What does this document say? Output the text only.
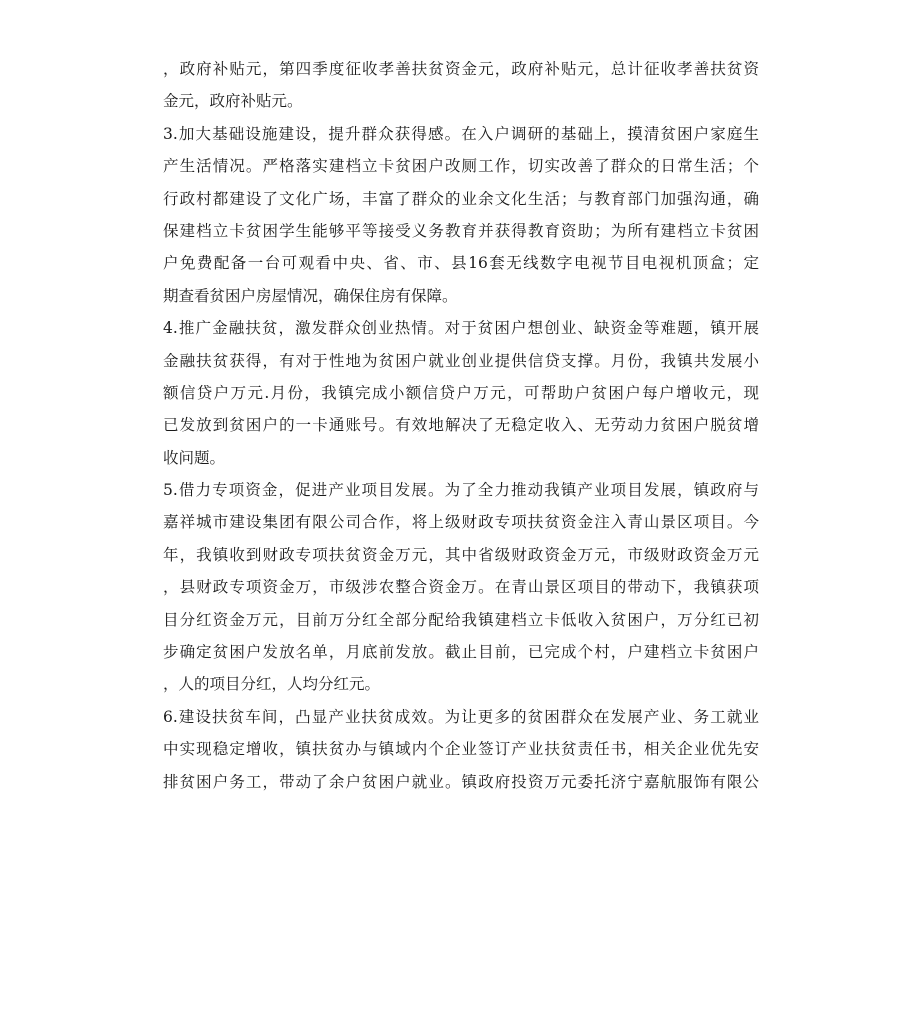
，政府补贴元，第四季度征收孝善扶贫资金元，政府补贴元，总计征收孝善扶贫资
金元，政府补贴元。
3.加大基础设施建设，提升群众获得感。在入户调研的基础上，摸清贫困户家庭生
产生活情况。严格落实建档立卡贫困户改厕工作，切实改善了群众的日常生活；个
行政村都建设了文化广场，丰富了群众的业余文化生活；与教育部门加强沟通，确
保建档立卡贫困学生能够平等接受义务教育并获得教育资助；为所有建档立卡贫困
户免费配备一台可观看中央、省、市、县16套无线数字电视节目电视机顶盒；定
期查看贫困户房屋情况，确保住房有保障。
4.推广金融扶贫，激发群众创业热情。对于贫困户想创业、缺资金等难题，镇开展
金融扶贫获得，有对于性地为贫困户就业创业提供信贷支撑。月份，我镇共发展小
额信贷户万元.月份，我镇完成小额信贷户万元，可帮助户贫困户每户增收元，现
已发放到贫困户的一卡通账号。有效地解决了无稳定收入、无劳动力贫困户脱贫增
收问题。
5.借力专项资金，促进产业项目发展。为了全力推动我镇产业项目发展，镇政府与
嘉祥城市建设集团有限公司合作，将上级财政专项扶贫资金注入青山景区项目。今
年，我镇收到财政专项扶贫资金万元，其中省级财政资金万元，市级财政资金万元
，县财政专项资金万，市级涉农整合资金万。在青山景区项目的带动下，我镇获项
目分红资金万元，目前万分红全部分配给我镇建档立卡低收入贫困户，万分红已初
步确定贫困户发放名单，月底前发放。截止目前，已完成个村，户建档立卡贫困户
，人的项目分红，人均分红元。
6.建设扶贫车间，凸显产业扶贫成效。为让更多的贫困群众在发展产业、务工就业
中实现稳定增收，镇扶贫办与镇域内个企业签订产业扶贫责任书，相关企业优先安
排贫困户务工，带动了余户贫困户就业。镇政府投资万元委托济宁嘉航服饰有限公
